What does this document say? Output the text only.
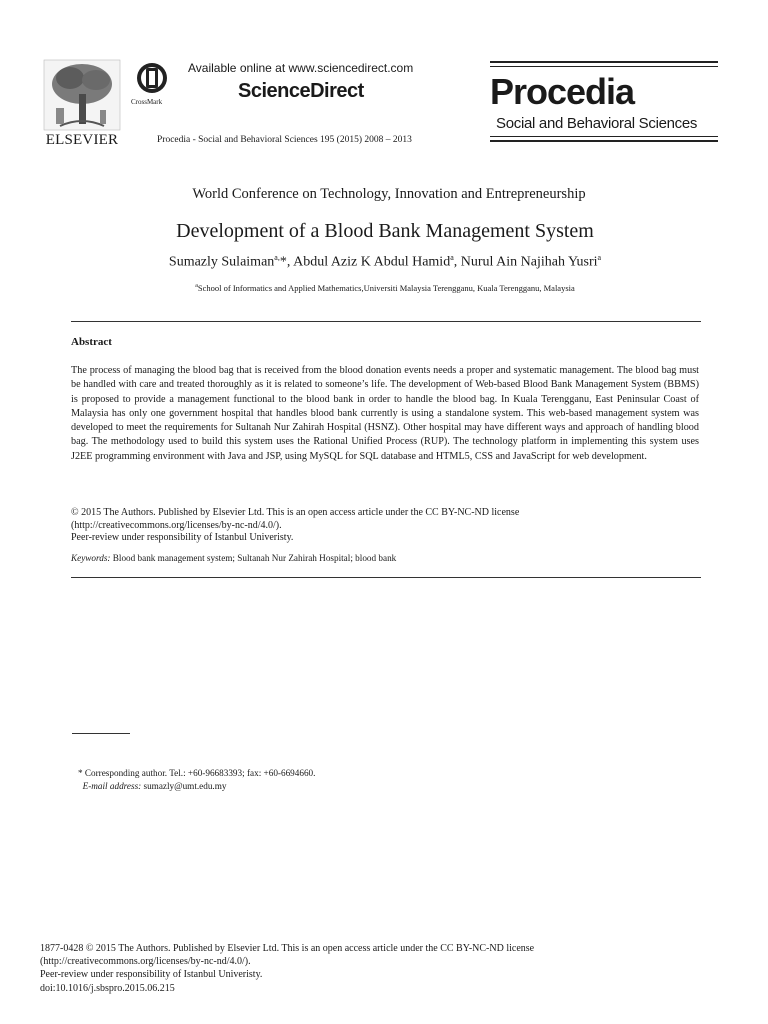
ELSEVIER
CrossMark
Available online at www.sciencedirect.com
ScienceDirect
Procedia - Social and Behavioral Sciences 195 (2015) 2008 – 2013
Procedia
Social and Behavioral Sciences
World Conference on Technology, Innovation and Entrepreneurship
Development of a Blood Bank Management System
Sumazly Sulaiman$^{a,}$*, Abdul Aziz K Abdul Hamid$^a$, Nurul Ain Najihah Yusri$^a$
$^a$School of Informatics and Applied Mathematics,Universiti Malaysia Terengganu, Kuala Terengganu, Malaysia
Abstract
The process of managing the blood bag that is received from the blood donation events needs a proper and systematic management. The blood bag must be handled with care and treated thoroughly as it is related to someone’s life. The development of Web-based Blood Bank Management System (BBMS) is proposed to provide a management functional to the blood bank in order to handle the blood bag. In Kuala Terengganu, East Peninsular Coast of Malaysia has only one government hospital that handles blood bank currently is using a standalone system. This web-based management system was developed to meet the requirements for Sultanah Nur Zahirah Hospital (HSNZ). Other hospital may have different ways and approach of handling blood bag. The methodology used to build this system uses the Rational Unified Process (RUP). The technology platform in implementing this system uses J2EE programming environment with Java and JSP, using MySQL for SQL database and HTML5, CSS and JavaScript for web development.
© 2015 The Authors. Published by Elsevier Ltd. This is an open access article under the CC BY-NC-ND license
(http://creativecommons.org/licenses/by-nc-nd/4.0/).
Peer-review under responsibility of Istanbul Univeristy.
Keywords: Blood bank management system; Sultanah Nur Zahirah Hospital; blood bank
* Corresponding author. Tel.: +60-96683393; fax: +60-6694660.
E-mail address: sumazly@umt.edu.my
1877-0428 © 2015 The Authors. Published by Elsevier Ltd. This is an open access article under the CC BY-NC-ND license
(http://creativecommons.org/licenses/by-nc-nd/4.0/).
Peer-review under responsibility of Istanbul Univeristy.
doi:10.1016/j.sbspro.2015.06.215
